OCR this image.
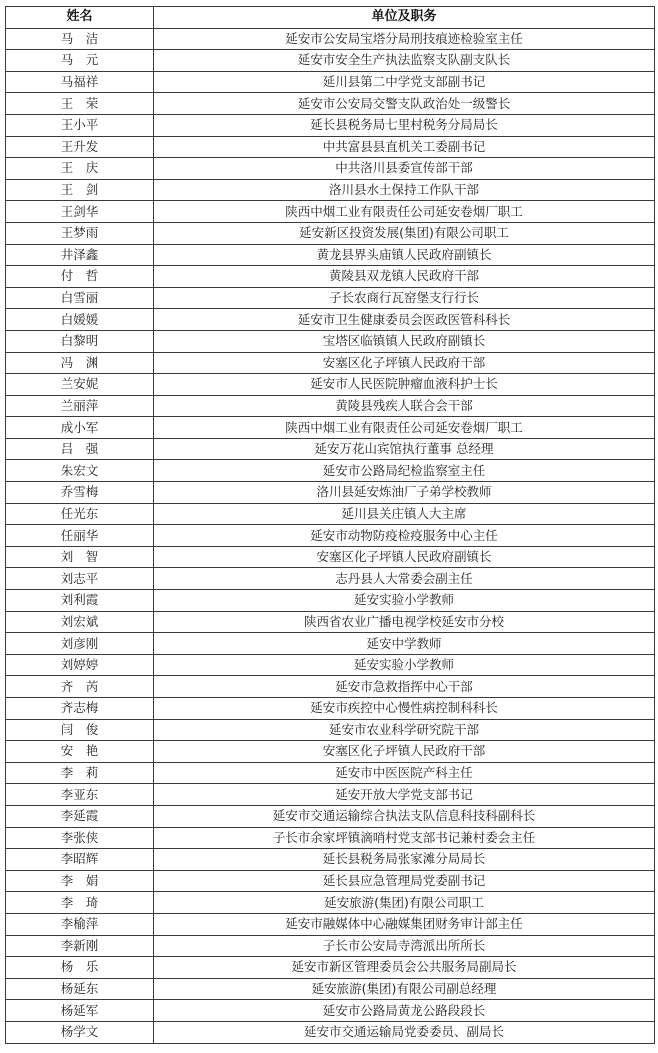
姓名	单位及职务
马　洁	延安市公安局宝塔分局刑技痕迹检验室主任
马　元	延安市安全生产执法监察支队副支队长
马福祥	延川县第二中学党支部副书记
王　荣	延安市公安局交警支队政治处一级警长
王小平	延长县税务局七里村税务分局局长
王升发	中共富县县直机关工委副书记
王　庆	中共洛川县委宣传部干部
王　剑	洛川县水土保持工作队干部
王剑华	陕西中烟工业有限责任公司延安卷烟厂职工
王梦雨	延安新区投资发展(集团)有限公司职工
井泽鑫	黄龙县界头庙镇人民政府副镇长
付　哲	黄陵县双龙镇人民政府干部
白雪丽	子长农商行瓦窑堡支行行长
白媛媛	延安市卫生健康委员会医政医管科科长
白黎明	宝塔区临镇镇人民政府副镇长
冯　渊	安塞区化子坪镇人民政府干部
兰安妮	延安市人民医院肿瘤血液科护士长
兰丽萍	黄陵县残疾人联合会干部
成小军	陕西中烟工业有限责任公司延安卷烟厂职工
吕　强	延安万花山宾馆执行董事 总经理
朱宏文	延安市公路局纪检监察室主任
乔雪梅	洛川县延安炼油厂子弟学校教师
任光东	延川县关庄镇人大主席
任丽华	延安市动物防疫检疫服务中心主任
刘　智	安塞区化子坪镇人民政府副镇长
刘志平	志丹县人大常委会副主任
刘利霞	延安实验小学教师
刘宏斌	陕西省农业广播电视学校延安市分校
刘彦刚	延安中学教师
刘婷婷	延安实验小学教师
齐　芮	延安市急救指挥中心干部
齐志梅	延安市疾控中心慢性病控制科科长
闫　俊	延安市农业科学研究院干部
安　艳	安塞区化子坪镇人民政府干部
李　莉	延安市中医医院产科主任
李亚东	延安开放大学党支部书记
李延霞	延安市交通运输综合执法支队信息科技科副科长
李张侠	子长市余家坪镇滴哨村党支部书记兼村委会主任
李昭辉	延长县税务局张家滩分局局长
李　娟	延长县应急管理局党委副书记
李　琦	延安旅游(集团)有限公司职工
李榆萍	延安市融媒体中心融媒集团财务审计部主任
李新刚	子长市公安局寺湾派出所所长
杨　乐	延安市新区管理委员会公共服务局副局长
杨延东	延安旅游(集团)有限公司副总经理
杨延军	延安市公路局黄龙公路段段长
杨学文	延安市交通运输局党委委员、副局长
